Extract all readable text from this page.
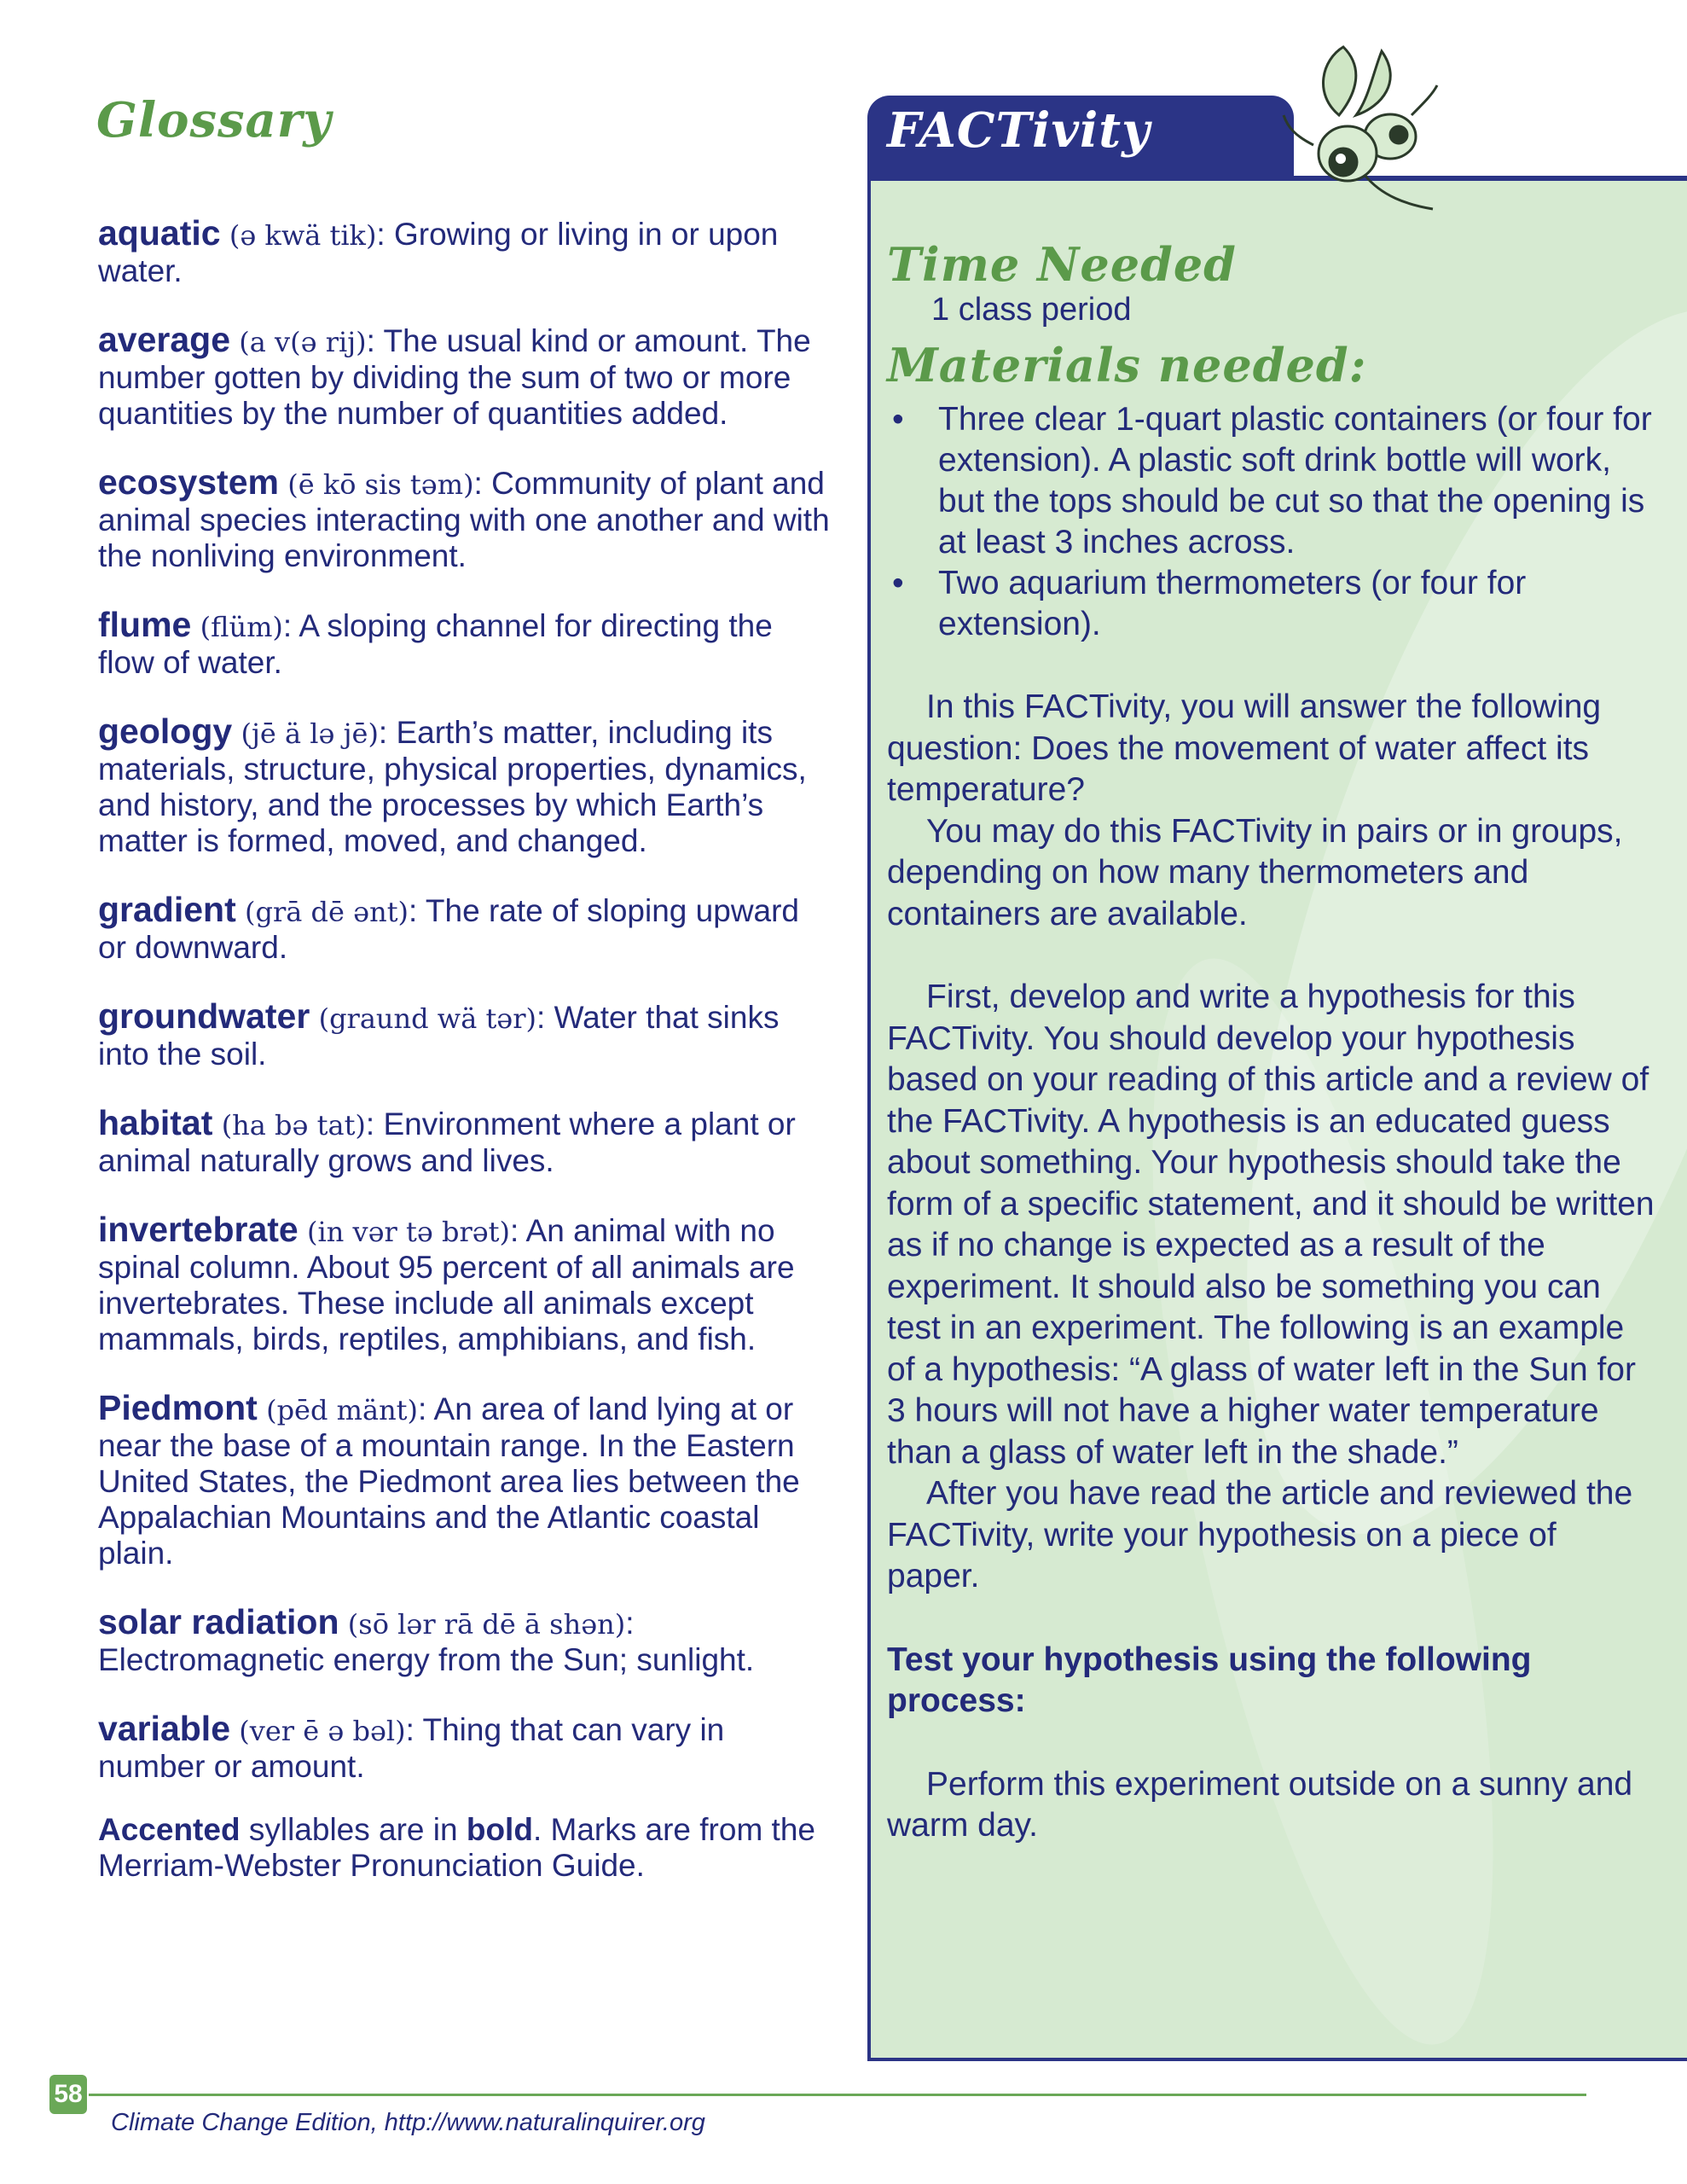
Glossary
aquatic (ə kwä tik): Growing or living in or upon water.
average (a v(ə rij): The usual kind or amount. The number gotten by dividing the sum of two or more quantities by the number of quantities added.
ecosystem (ē kō sis təm): Community of plant and animal species interacting with one another and with the nonliving environment.
flume (flüm): A sloping channel for directing the flow of water.
geology (jē ä lə jē): Earth’s matter, including its materials, structure, physical properties, dynamics, and history, and the processes by which Earth’s matter is formed, moved, and changed.
gradient (grā dē ənt): The rate of sloping upward or downward.
groundwater (graund wä tər): Water that sinks into the soil.
habitat (ha bə tat): Environment where a plant or animal naturally grows and lives.
invertebrate (in vər tə brət): An animal with no spinal column. About 95 percent of all animals are invertebrates. These include all animals except mammals, birds, reptiles, amphibians, and fish.
Piedmont (pēd mänt): An area of land lying at or near the base of a mountain range. In the Eastern United States, the Piedmont area lies between the Appalachian Mountains and the Atlantic coastal plain.
solar radiation (sō lər rā dē ā shən): Electromagnetic energy from the Sun; sunlight.
variable (ver ē ə bəl): Thing that can vary in number or amount.
Accented syllables are in bold. Marks are from the Merriam-Webster Pronunciation Guide.
FACTivity
Time Needed
1 class period
Materials needed:
• Three clear 1-quart plastic containers (or four for extension). A plastic soft drink bottle will work, but the tops should be cut so that the opening is at least 3 inches across.
• Two aquarium thermometers (or four for extension).
In this FACTivity, you will answer the following question: Does the movement of water affect its temperature?
You may do this FACTivity in pairs or in groups, depending on how many thermometers and containers are available.
First, develop and write a hypothesis for this FACTivity. You should develop your hypothesis based on your reading of this article and a review of the FACTivity. A hypothesis is an educated guess about something. Your hypothesis should take the form of a specific statement, and it should be written as if no change is expected as a result of the experiment. It should also be something you can test in an experiment. The following is an example of a hypothesis: “A glass of water left in the Sun for 3 hours will not have a higher water temperature than a glass of water left in the shade.”
After you have read the article and reviewed the FACTivity, write your hypothesis on a piece of paper.
Test your hypothesis using the following process:
Perform this experiment outside on a sunny and warm day.
58
Climate Change Edition, http://www.naturalinquirer.org
